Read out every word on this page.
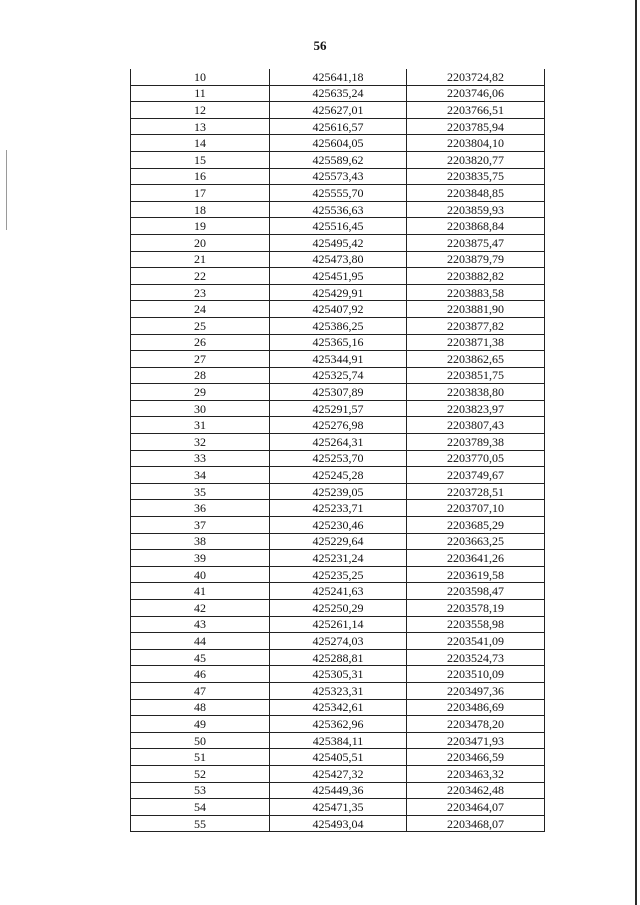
56
10	425641,18	2203724,82
11	425635,24	2203746,06
12	425627,01	2203766,51
13	425616,57	2203785,94
14	425604,05	2203804,10
15	425589,62	2203820,77
16	425573,43	2203835,75
17	425555,70	2203848,85
18	425536,63	2203859,93
19	425516,45	2203868,84
20	425495,42	2203875,47
21	425473,80	2203879,79
22	425451,95	2203882,82
23	425429,91	2203883,58
24	425407,92	2203881,90
25	425386,25	2203877,82
26	425365,16	2203871,38
27	425344,91	2203862,65
28	425325,74	2203851,75
29	425307,89	2203838,80
30	425291,57	2203823,97
31	425276,98	2203807,43
32	425264,31	2203789,38
33	425253,70	2203770,05
34	425245,28	2203749,67
35	425239,05	2203728,51
36	425233,71	2203707,10
37	425230,46	2203685,29
38	425229,64	2203663,25
39	425231,24	2203641,26
40	425235,25	2203619,58
41	425241,63	2203598,47
42	425250,29	2203578,19
43	425261,14	2203558,98
44	425274,03	2203541,09
45	425288,81	2203524,73
46	425305,31	2203510,09
47	425323,31	2203497,36
48	425342,61	2203486,69
49	425362,96	2203478,20
50	425384,11	2203471,93
51	425405,51	2203466,59
52	425427,32	2203463,32
53	425449,36	2203462,48
54	425471,35	2203464,07
55	425493,04	2203468,07
